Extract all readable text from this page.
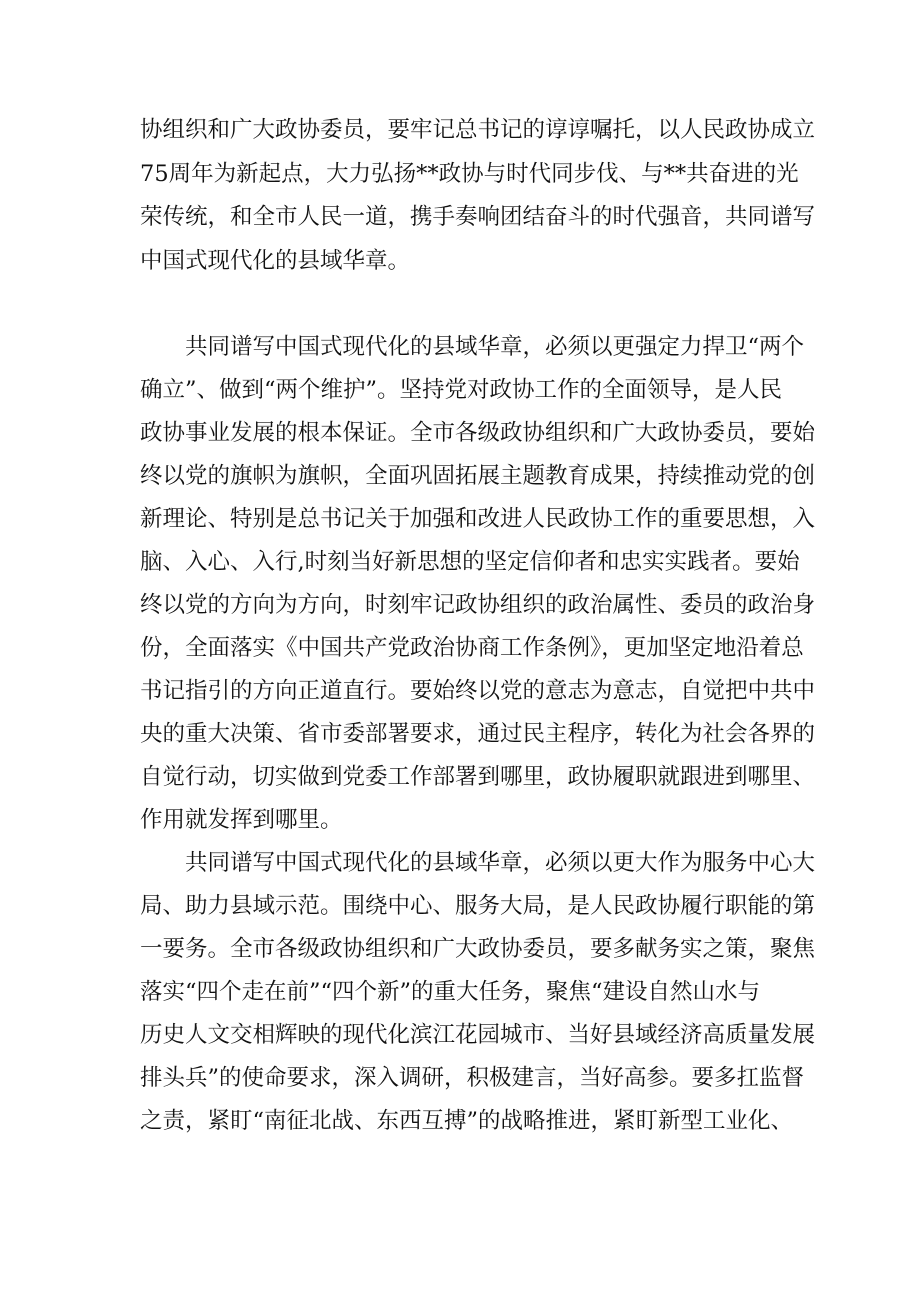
协组织和广大政协委员，要牢记总书记的谆谆嘱托，以人民政协成立
75周年为新起点，大力弘扬**政协与时代同步伐、与**共奋进的光
荣传统，和全市人民一道，携手奏响团结奋斗的时代强音，共同谱写
中国式现代化的县域华章。
共同谱写中国式现代化的县域华章，必须以更强定力捍卫“两个
确立”、做到“两个维护”。坚持党对政协工作的全面领导，是人民
政协事业发展的根本保证。全市各级政协组织和广大政协委员，要始
终以党的旗帜为旗帜，全面巩固拓展主题教育成果，持续推动党的创
新理论、特别是总书记关于加强和改进人民政协工作的重要思想，入
脑、入心、入行,时刻当好新思想的坚定信仰者和忠实实践者。要始
终以党的方向为方向，时刻牢记政协组织的政治属性、委员的政治身
份，全面落实《中国共产党政治协商工作条例》，更加坚定地沿着总
书记指引的方向正道直行。要始终以党的意志为意志，自觉把中共中
央的重大决策、省市委部署要求，通过民主程序，转化为社会各界的
自觉行动，切实做到党委工作部署到哪里，政协履职就跟进到哪里、
作用就发挥到哪里。
共同谱写中国式现代化的县域华章，必须以更大作为服务中心大
局、助力县域示范。围绕中心、服务大局，是人民政协履行职能的第
一要务。全市各级政协组织和广大政协委员，要多献务实之策，聚焦
落实“四个走在前”“四个新”的重大任务，聚焦“建设自然山水与
历史人文交相辉映的现代化滨江花园城市、当好县域经济高质量发展
排头兵”的使命要求，深入调研，积极建言，当好高参。要多扛监督
之责，紧盯“南征北战、东西互搏”的战略推进，紧盯新型工业化、
